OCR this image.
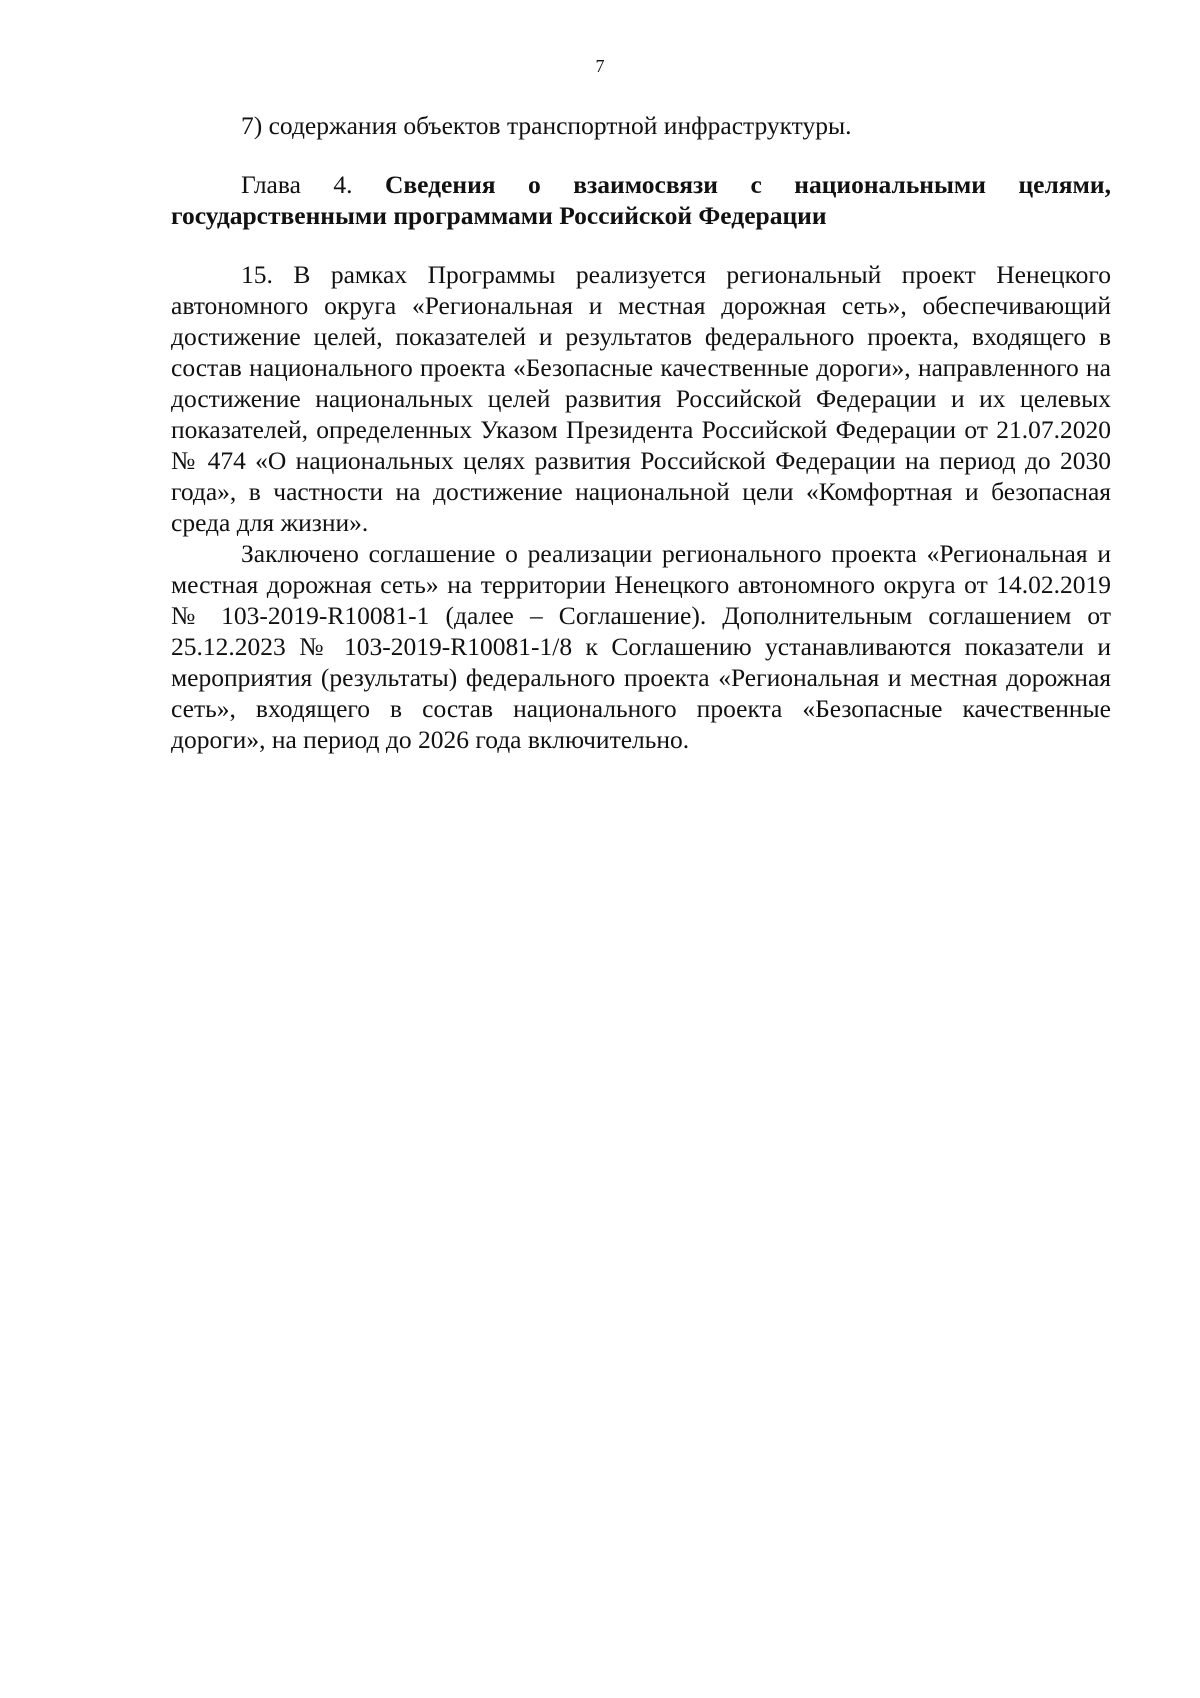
7

7) содержания объектов транспортной инфраструктуры.

Глава 4. Сведения о взаимосвязи с национальными целями, государственными программами Российской Федерации

15. В рамках Программы реализуется региональный проект Ненецкого автономного округа «Региональная и местная дорожная сеть», обеспечивающий достижение целей, показателей и результатов федерального проекта, входящего в состав национального проекта «Безопасные качественные дороги», направленного на достижение национальных целей развития Российской Федерации и их целевых показателей, определенных Указом Президента Российской Федерации от 21.07.2020 № 474 «О национальных целях развития Российской Федерации на период до 2030 года», в частности на достижение национальной цели «Комфортная и безопасная среда для жизни».

Заключено соглашение о реализации регионального проекта «Региональная и местная дорожная сеть» на территории Ненецкого автономного округа от 14.02.2019 № 103-2019-R10081-1 (далее – Соглашение). Дополнительным соглашением от 25.12.2023 № 103-2019-R10081-1/8 к Соглашению устанавливаются показатели и мероприятия (результаты) федерального проекта «Региональная и местная дорожная сеть», входящего в состав национального проекта «Безопасные качественные дороги», на период до 2026 года включительно.
